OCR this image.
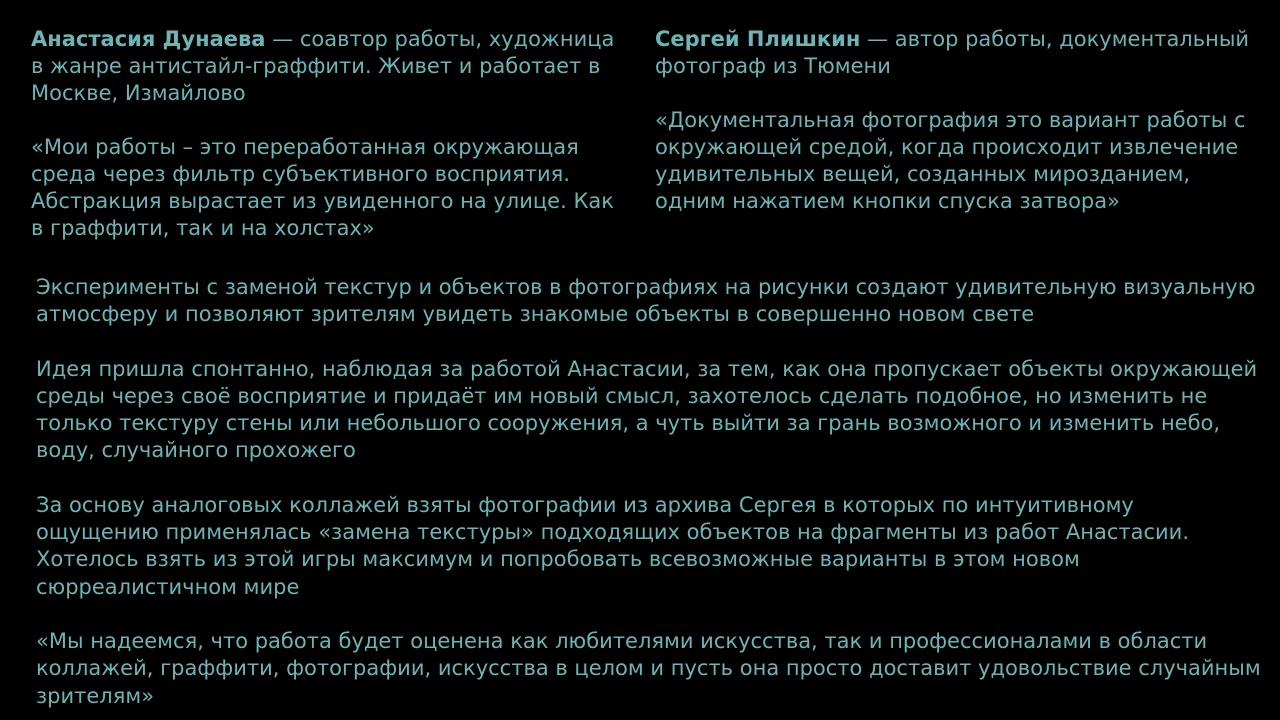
Анастасия Дунаева — соавтор работы, художница в жанре антистайл-граффити. Живет и работает в Москве, Измайлово

«Мои работы – это переработанная окружающая среда через фильтр субъективного восприятия. Абстракция вырастает из увиденного на улице. Как в граффити, так и на холстах»

Сергей Плишкин — автор работы, документальный фотограф из Тюмени

«Документальная фотография это вариант работы с окружающей средой, когда происходит извлечение удивительных вещей, созданных мирозданием, одним нажатием кнопки спуска затвора»

Эксперименты с заменой текстур и объектов в фотографиях на рисунки создают удивительную визуальную атмосферу и позволяют зрителям увидеть знакомые объекты в совершенно новом свете

Идея пришла спонтанно, наблюдая за работой Анастасии, за тем, как она пропускает объекты окружающей среды через своё восприятие и придаёт им новый смысл, захотелось сделать подобное, но изменить не только текстуру стены или небольшого сооружения, а чуть выйти за грань возможного и изменить небо, воду, случайного прохожего

За основу аналоговых коллажей взяты фотографии из архива Сергея в которых по интуитивному ощущению применялась «замена текстуры» подходящих объектов на фрагменты из работ Анастасии. Хотелось взять из этой игры максимум и попробовать всевозможные варианты в этом новом сюрреалистичном мире

«Мы надеемся, что работа будет оценена как любителями искусства, так и профессионалами в области коллажей, граффити, фотографии, искусства в целом и пусть она просто доставит удовольствие случайным зрителям»
